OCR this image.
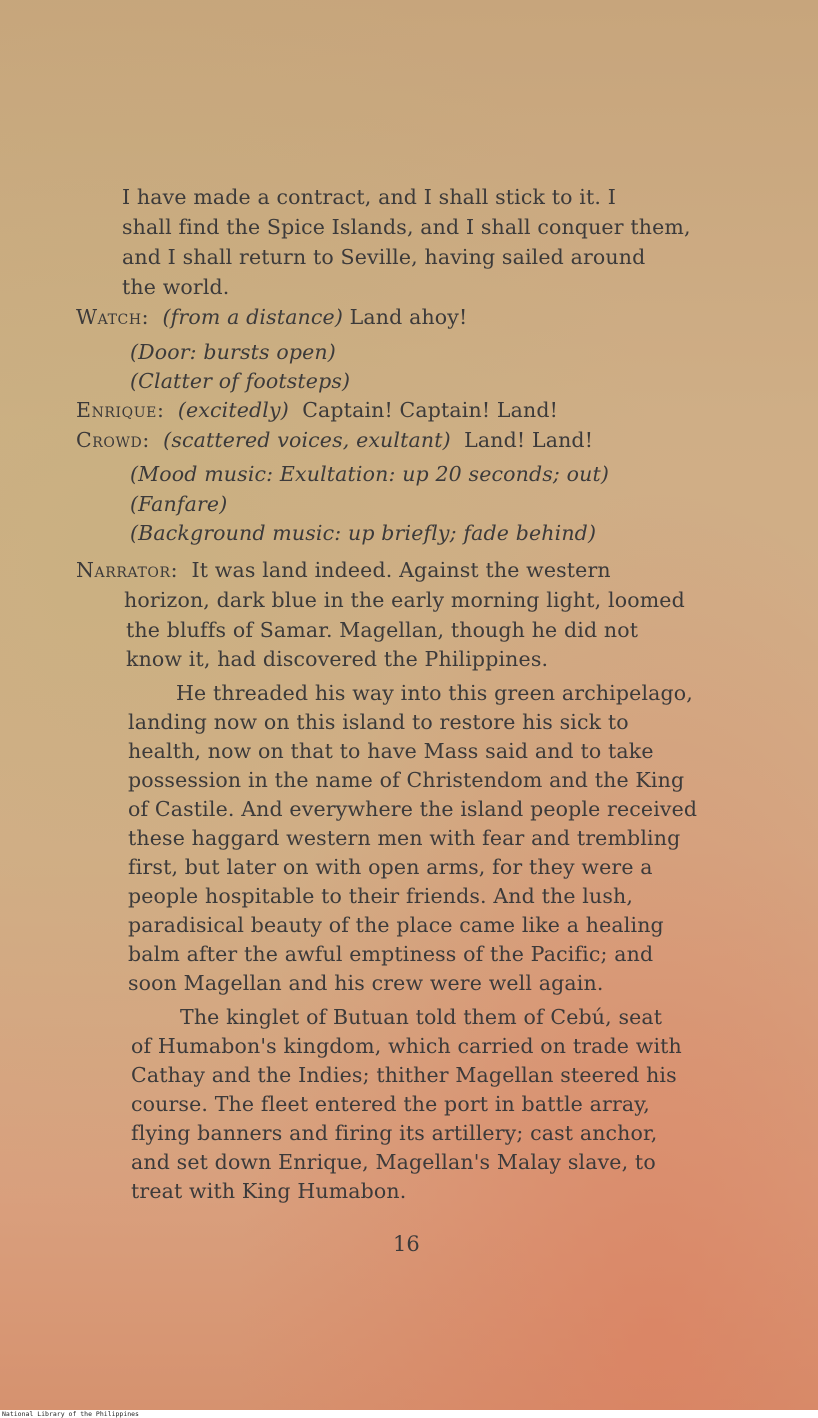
I have made a contract, and I shall stick to it. I
shall find the Spice Islands, and I shall conquer them,
and I shall return to Seville, having sailed around
the world.
Watch: (from a distance) Land ahoy!
(Door: bursts open)
(Clatter of footsteps)
Enrique: (excitedly) Captain! Captain! Land!
Crowd: (scattered voices, exultant) Land! Land!
(Mood music: Exultation: up 20 seconds; out)
(Fanfare)
(Background music: up briefly; fade behind)
Narrator: It was land indeed. Against the western
horizon, dark blue in the early morning light, loomed
the bluffs of Samar. Magellan, though he did not
know it, had discovered the Philippines.
He threaded his way into this green archipelago,
landing now on this island to restore his sick to
health, now on that to have Mass said and to take
possession in the name of Christendom and the King
of Castile. And everywhere the island people received
these haggard western men with fear and trembling
first, but later on with open arms, for they were a
people hospitable to their friends. And the lush,
paradisical beauty of the place came like a healing
balm after the awful emptiness of the Pacific; and
soon Magellan and his crew were well again.
The kinglet of Butuan told them of Cebú, seat
of Humabon's kingdom, which carried on trade with
Cathay and the Indies; thither Magellan steered his
course. The fleet entered the port in battle array,
flying banners and firing its artillery; cast anchor,
and set down Enrique, Magellan's Malay slave, to
treat with King Humabon.
16
National Library of the Philippines
